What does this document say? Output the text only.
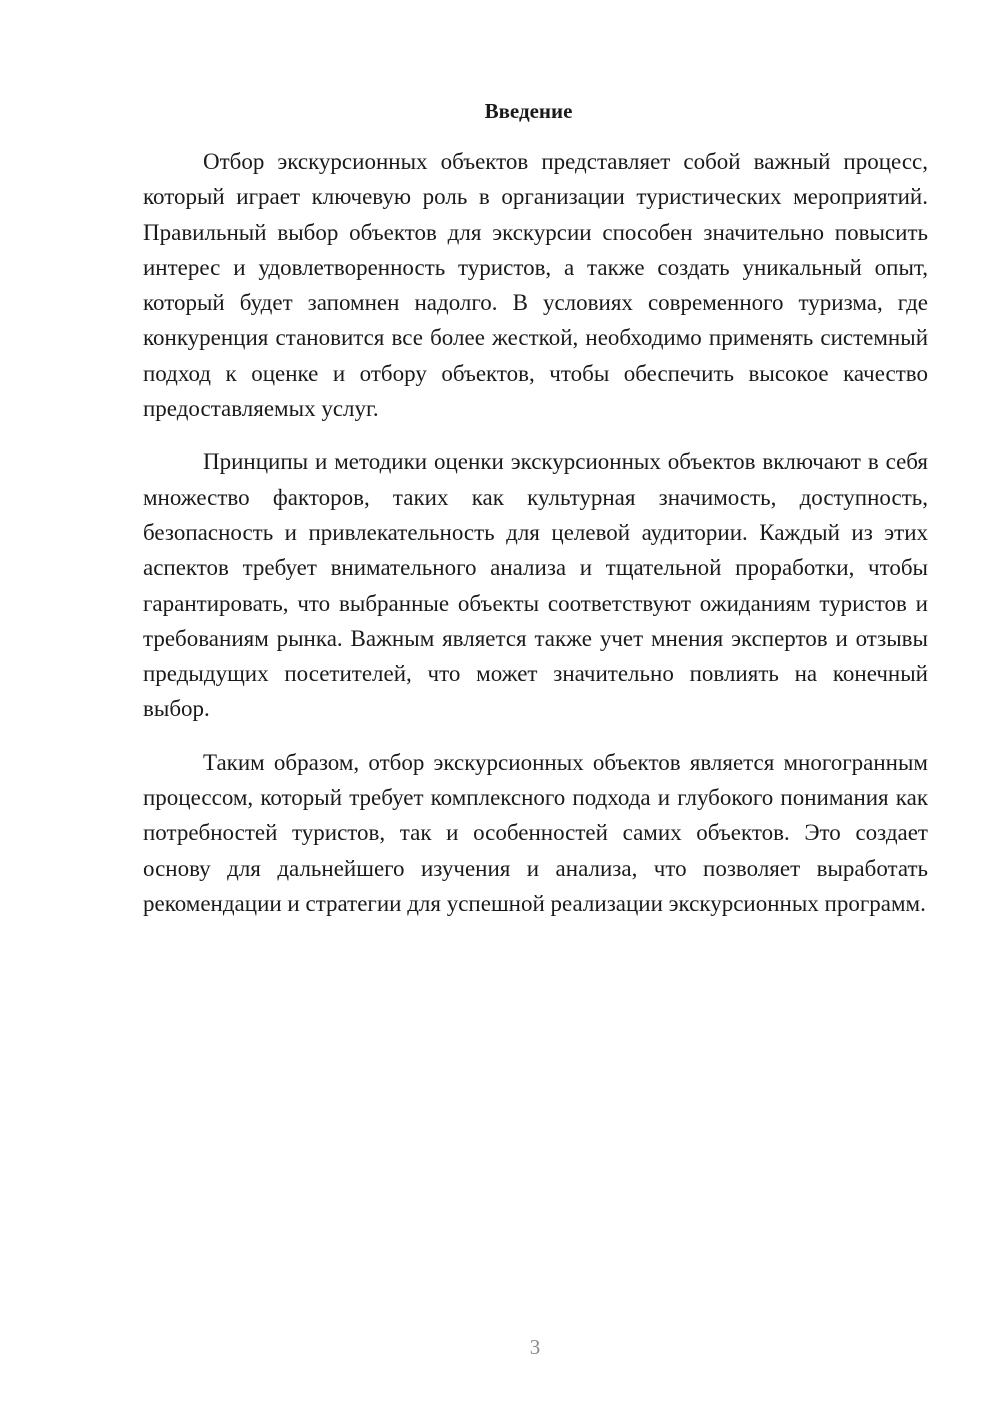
Введение

Отбор экскурсионных объектов представляет собой важный процесс, который играет ключевую роль в организации туристических мероприятий. Правильный выбор объектов для экскурсии способен значительно повысить интерес и удовлетворенность туристов, а также создать уникальный опыт, который будет запомнен надолго. В условиях современного туризма, где конкуренция становится все более жесткой, необходимо применять системный подход к оценке и отбору объектов, чтобы обеспечить высокое качество предоставляемых услуг.

Принципы и методики оценки экскурсионных объектов включают в себя множество факторов, таких как культурная значимость, доступность, безопасность и привлекательность для целевой аудитории. Каждый из этих аспектов требует внимательного анализа и тщательной проработки, чтобы гарантировать, что выбранные объекты соответствуют ожиданиям туристов и требованиям рынка. Важным является также учет мнения экспертов и отзывы предыдущих посетителей, что может значительно повлиять на конечный выбор.

Таким образом, отбор экскурсионных объектов является многогранным процессом, который требует комплексного подхода и глубокого понимания как потребностей туристов, так и особенностей самих объектов. Это создает основу для дальнейшего изучения и анализа, что позволяет выработать рекомендации и стратегии для успешной реализации экскурсионных программ.

3
